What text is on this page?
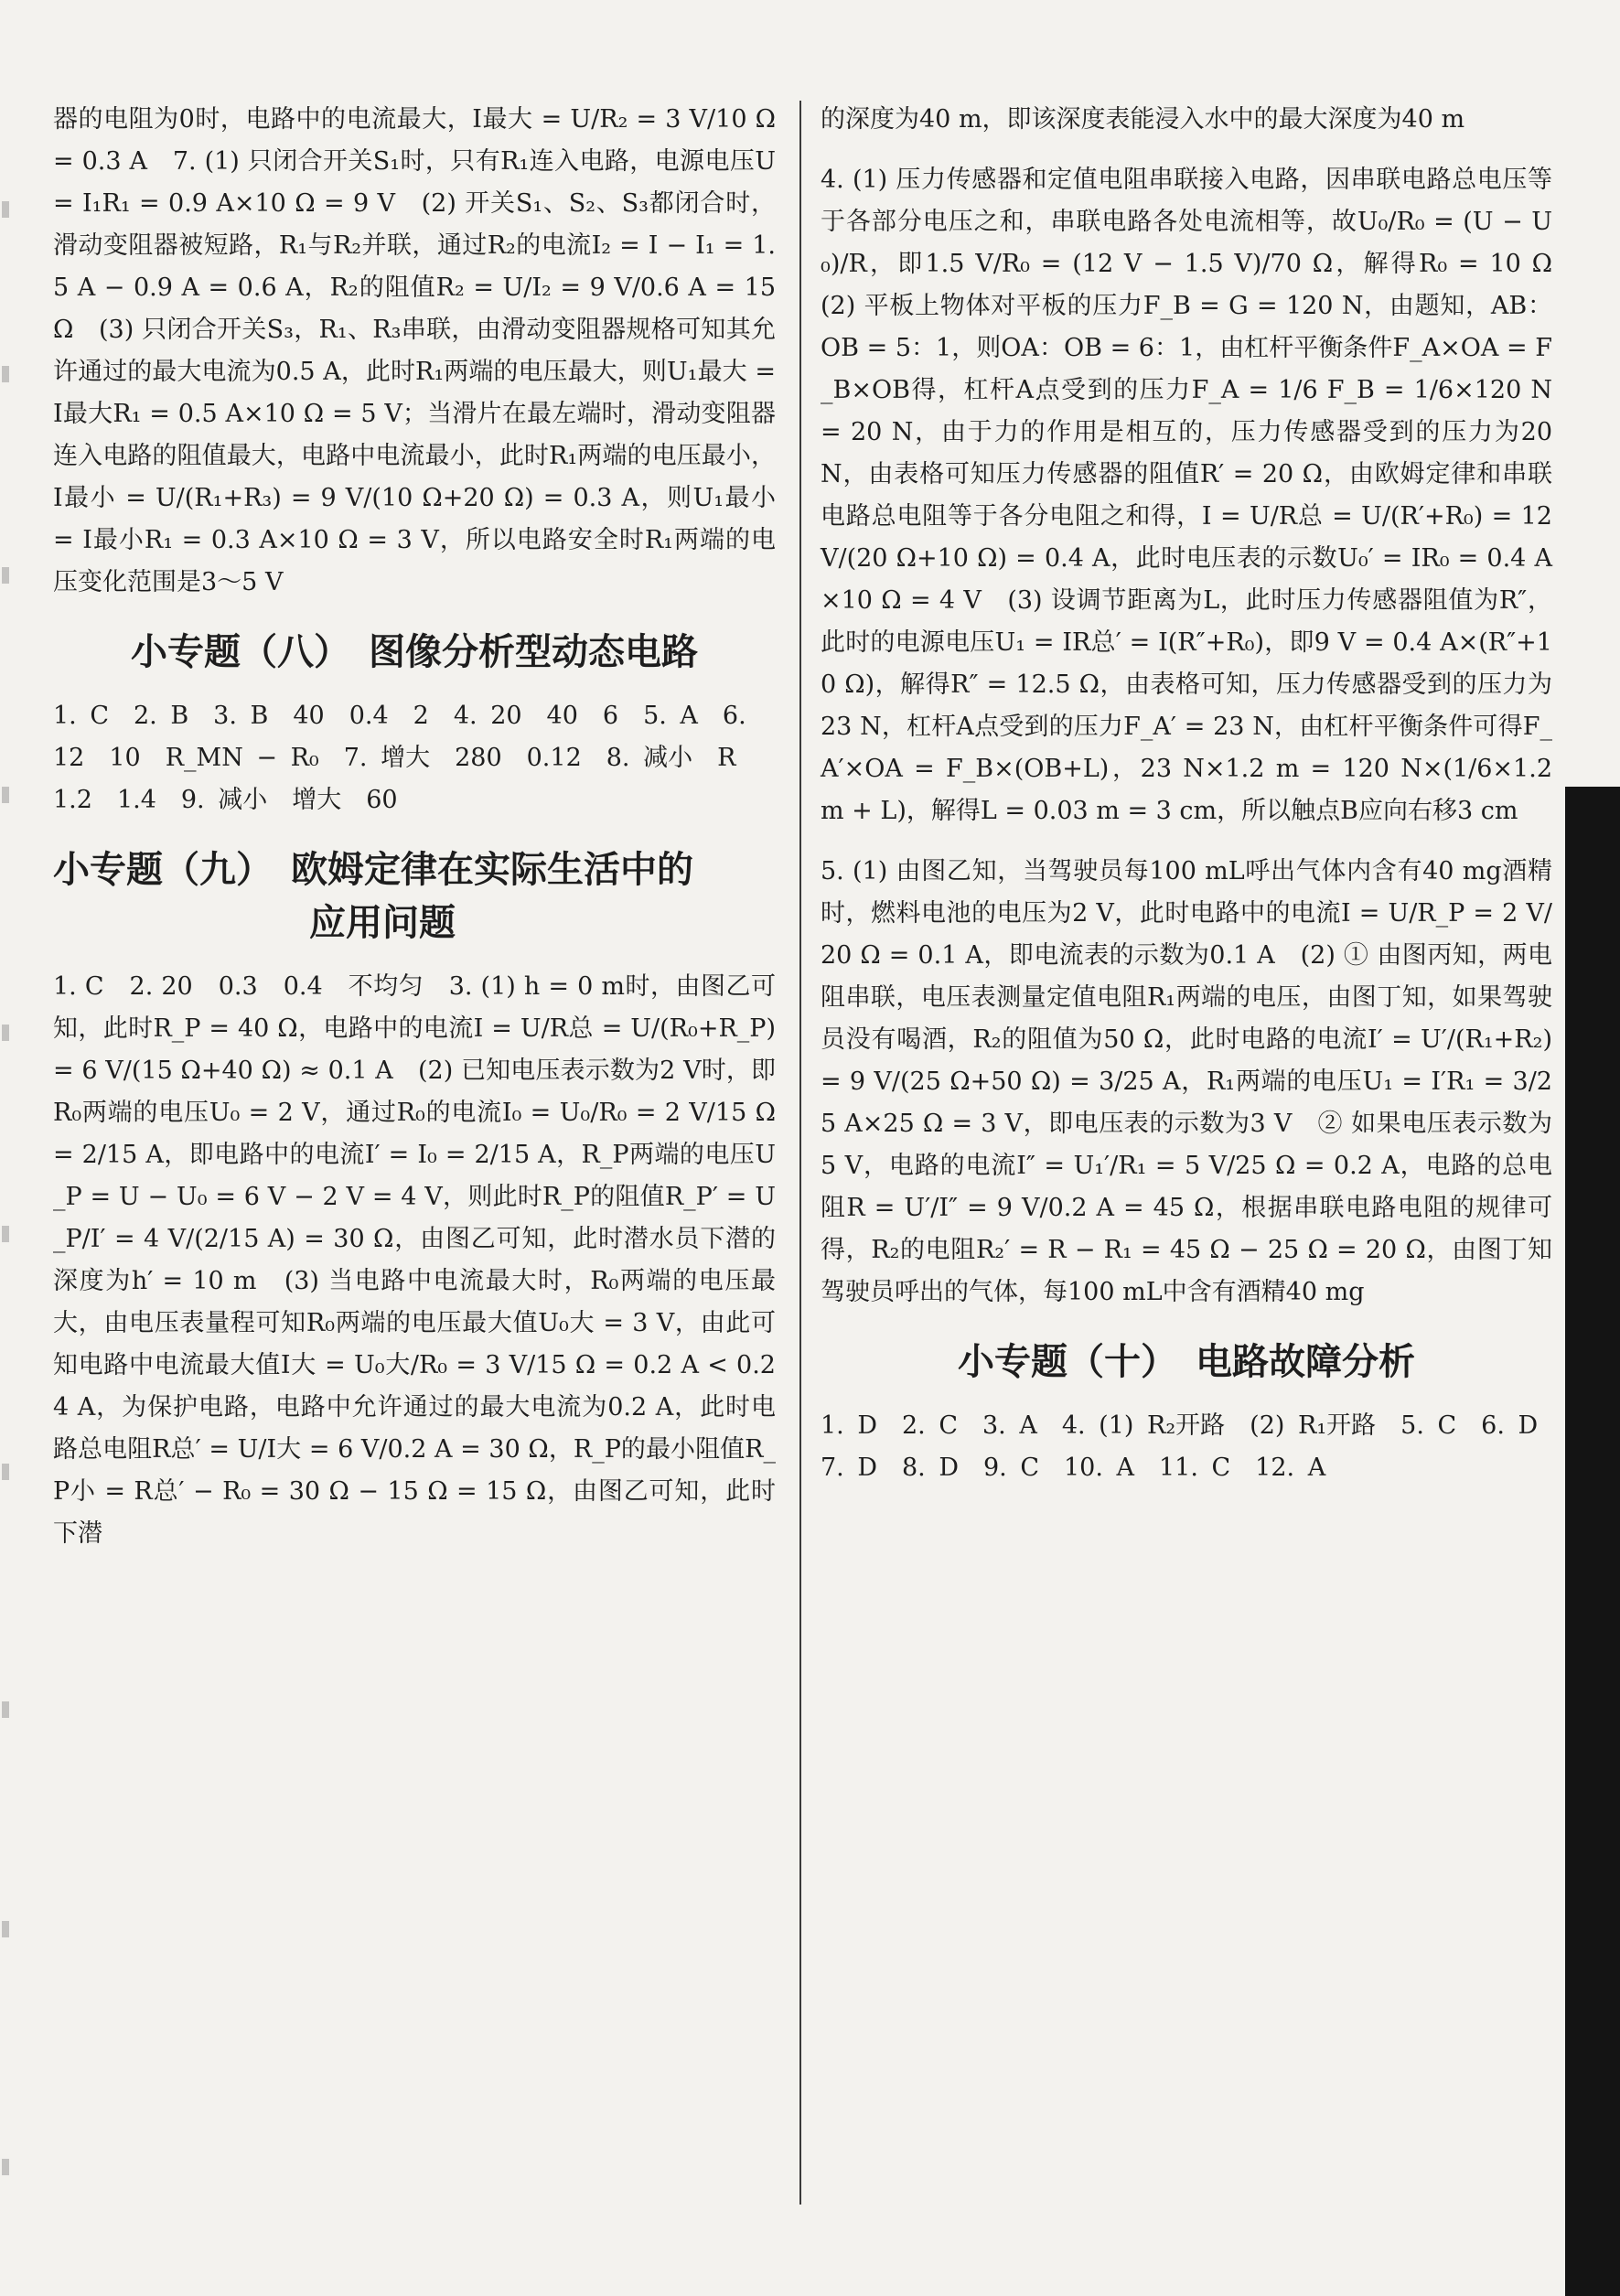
器的电阻为0时，电路中的电流最大，I最大 = U/R₂ = 3 V/10 Ω = 0.3 A　7. (1) 只闭合开关S₁时，只有R₁连入电路，电源电压U = I₁R₁ = 0.9 A×10 Ω = 9 V　(2) 开关S₁、S₂、S₃都闭合时，滑动变阻器被短路，R₁与R₂并联，通过R₂的电流I₂ = I − I₁ = 1.5 A − 0.9 A = 0.6 A，R₂的阻值R₂ = U/I₂ = 9 V/0.6 A = 15 Ω　(3) 只闭合开关S₃，R₁、R₃串联，由滑动变阻器规格可知其允许通过的最大电流为0.5 A，此时R₁两端的电压最大，则U₁最大 = I最大R₁ = 0.5 A×10 Ω = 5 V；当滑片在最左端时，滑动变阻器连入电路的阻值最大，电路中电流最小，此时R₁两端的电压最小，I最小 = U/(R₁+R₃) = 9 V/(10 Ω+20 Ω) = 0.3 A，则U₁最小 = I最小R₁ = 0.3 A×10 Ω = 3 V，所以电路安全时R₁两端的电压变化范围是3～5 V

小专题（八）　图像分析型动态电路

1. C　2. B　3. B　40　0.4　2　4. 20　40　6　5. A　6. 12　10　R_MN − R₀　7. 增大　280　0.12　8. 减小　R　1.2　1.4　9. 减小　增大　60

小专题（九）　欧姆定律在实际生活中的
　　　　　　　应用问题

1. C　2. 20　0.3　0.4　不均匀　3. (1) h = 0 m时，由图乙可知，此时R_P = 40 Ω，电路中的电流I = U/R总 = U/(R₀+R_P) = 6 V/(15 Ω+40 Ω) ≈ 0.1 A　(2) 已知电压表示数为2 V时，即R₀两端的电压U₀ = 2 V，通过R₀的电流I₀ = U₀/R₀ = 2 V/15 Ω = 2/15 A，即电路中的电流I′ = I₀ = 2/15 A，R_P两端的电压U_P = U − U₀ = 6 V − 2 V = 4 V，则此时R_P的阻值R_P′ = U_P/I′ = 4 V/(2/15 A) = 30 Ω，由图乙可知，此时潜水员下潜的深度为h′ = 10 m　(3) 当电路中电流最大时，R₀两端的电压最大，由电压表量程可知R₀两端的电压最大值U₀大 = 3 V，由此可知电路中电流最大值I大 = U₀大/R₀ = 3 V/15 Ω = 0.2 A < 0.24 A，为保护电路，电路中允许通过的最大电流为0.2 A，此时电路总电阻R总′ = U/I大 = 6 V/0.2 A = 30 Ω，R_P的最小阻值R_P小 = R总′ − R₀ = 30 Ω − 15 Ω = 15 Ω，由图乙可知，此时下潜

的深度为40 m，即该深度表能浸入水中的最大深度为40 m

4. (1) 压力传感器和定值电阻串联接入电路，因串联电路总电压等于各部分电压之和，串联电路各处电流相等，故U₀/R₀ = (U − U₀)/R，即1.5 V/R₀ = (12 V − 1.5 V)/70 Ω，解得R₀ = 10 Ω　(2) 平板上物体对平板的压力F_B = G = 120 N，由题知，AB：OB = 5：1，则OA：OB = 6：1，由杠杆平衡条件F_A×OA = F_B×OB得，杠杆A点受到的压力F_A = 1/6 F_B = 1/6×120 N = 20 N，由于力的作用是相互的，压力传感器受到的压力为20 N，由表格可知压力传感器的阻值R′ = 20 Ω，由欧姆定律和串联电路总电阻等于各分电阻之和得，I = U/R总 = U/(R′+R₀) = 12 V/(20 Ω+10 Ω) = 0.4 A，此时电压表的示数U₀′ = IR₀ = 0.4 A×10 Ω = 4 V　(3) 设调节距离为L，此时压力传感器阻值为R″，此时的电源电压U₁ = IR总′ = I(R″+R₀)，即9 V = 0.4 A×(R″+10 Ω)，解得R″ = 12.5 Ω，由表格可知，压力传感器受到的压力为23 N，杠杆A点受到的压力F_A′ = 23 N，由杠杆平衡条件可得F_A′×OA = F_B×(OB+L)，23 N×1.2 m = 120 N×(1/6×1.2 m + L)，解得L = 0.03 m = 3 cm，所以触点B应向右移3 cm

5. (1) 由图乙知，当驾驶员每100 mL呼出气体内含有40 mg酒精时，燃料电池的电压为2 V，此时电路中的电流I = U/R_P = 2 V/20 Ω = 0.1 A，即电流表的示数为0.1 A　(2) ① 由图丙知，两电阻串联，电压表测量定值电阻R₁两端的电压，由图丁知，如果驾驶员没有喝酒，R₂的阻值为50 Ω，此时电路的电流I′ = U′/(R₁+R₂) = 9 V/(25 Ω+50 Ω) = 3/25 A，R₁两端的电压U₁ = I′R₁ = 3/25 A×25 Ω = 3 V，即电压表的示数为3 V　② 如果电压表示数为5 V，电路的电流I″ = U₁′/R₁ = 5 V/25 Ω = 0.2 A，电路的总电阻R = U′/I″ = 9 V/0.2 A = 45 Ω，根据串联电路电阻的规律可得，R₂的电阻R₂′ = R − R₁ = 45 Ω − 25 Ω = 20 Ω，由图丁知驾驶员呼出的气体，每100 mL中含有酒精40 mg

小专题（十）　电路故障分析

1. D　2. C　3. A　4. (1) R₂开路　(2) R₁开路　5. C　6. D　7. D　8. D　9. C　10. A　11. C　12. A
